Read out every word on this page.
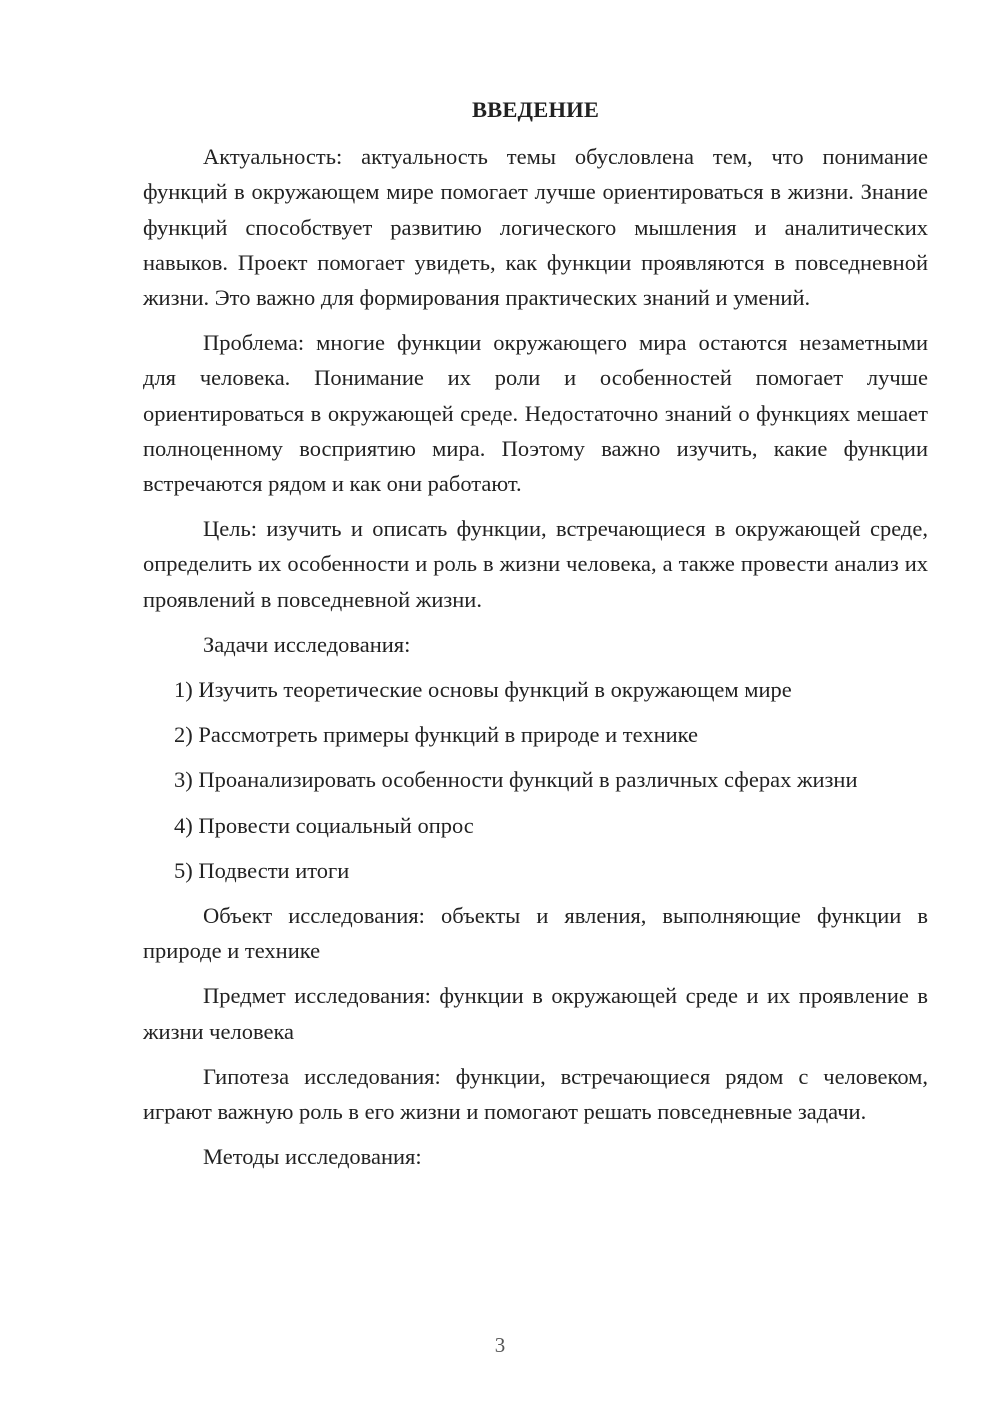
ВВЕДЕНИЕ

Актуальность: актуальность темы обусловлена тем, что понимание функций в окружающем мире помогает лучше ориентироваться в жизни. Знание функций способствует развитию логического мышления и аналитических навыков. Проект помогает увидеть, как функции проявляются в повседневной жизни. Это важно для формирования практических знаний и умений.

Проблема: многие функции окружающего мира остаются незаметными для человека. Понимание их роли и особенностей помогает лучше ориентироваться в окружающей среде. Недостаточно знаний о функциях мешает полноценному восприятию мира. Поэтому важно изучить, какие функции встречаются рядом и как они работают.

Цель: изучить и описать функции, встречающиеся в окружающей среде, определить их особенности и роль в жизни человека, а также провести анализ их проявлений в повседневной жизни.

Задачи исследования:

1) Изучить теоретические основы функций в окружающем мире

2) Рассмотреть примеры функций в природе и технике

3) Проанализировать особенности функций в различных сферах жизни

4) Провести социальный опрос

5) Подвести итоги

Объект исследования: объекты и явления, выполняющие функции в природе и технике

Предмет исследования: функции в окружающей среде и их проявление в жизни человека

Гипотеза исследования: функции, встречающиеся рядом с человеком, играют важную роль в его жизни и помогают решать повседневные задачи.

Методы исследования:

3
